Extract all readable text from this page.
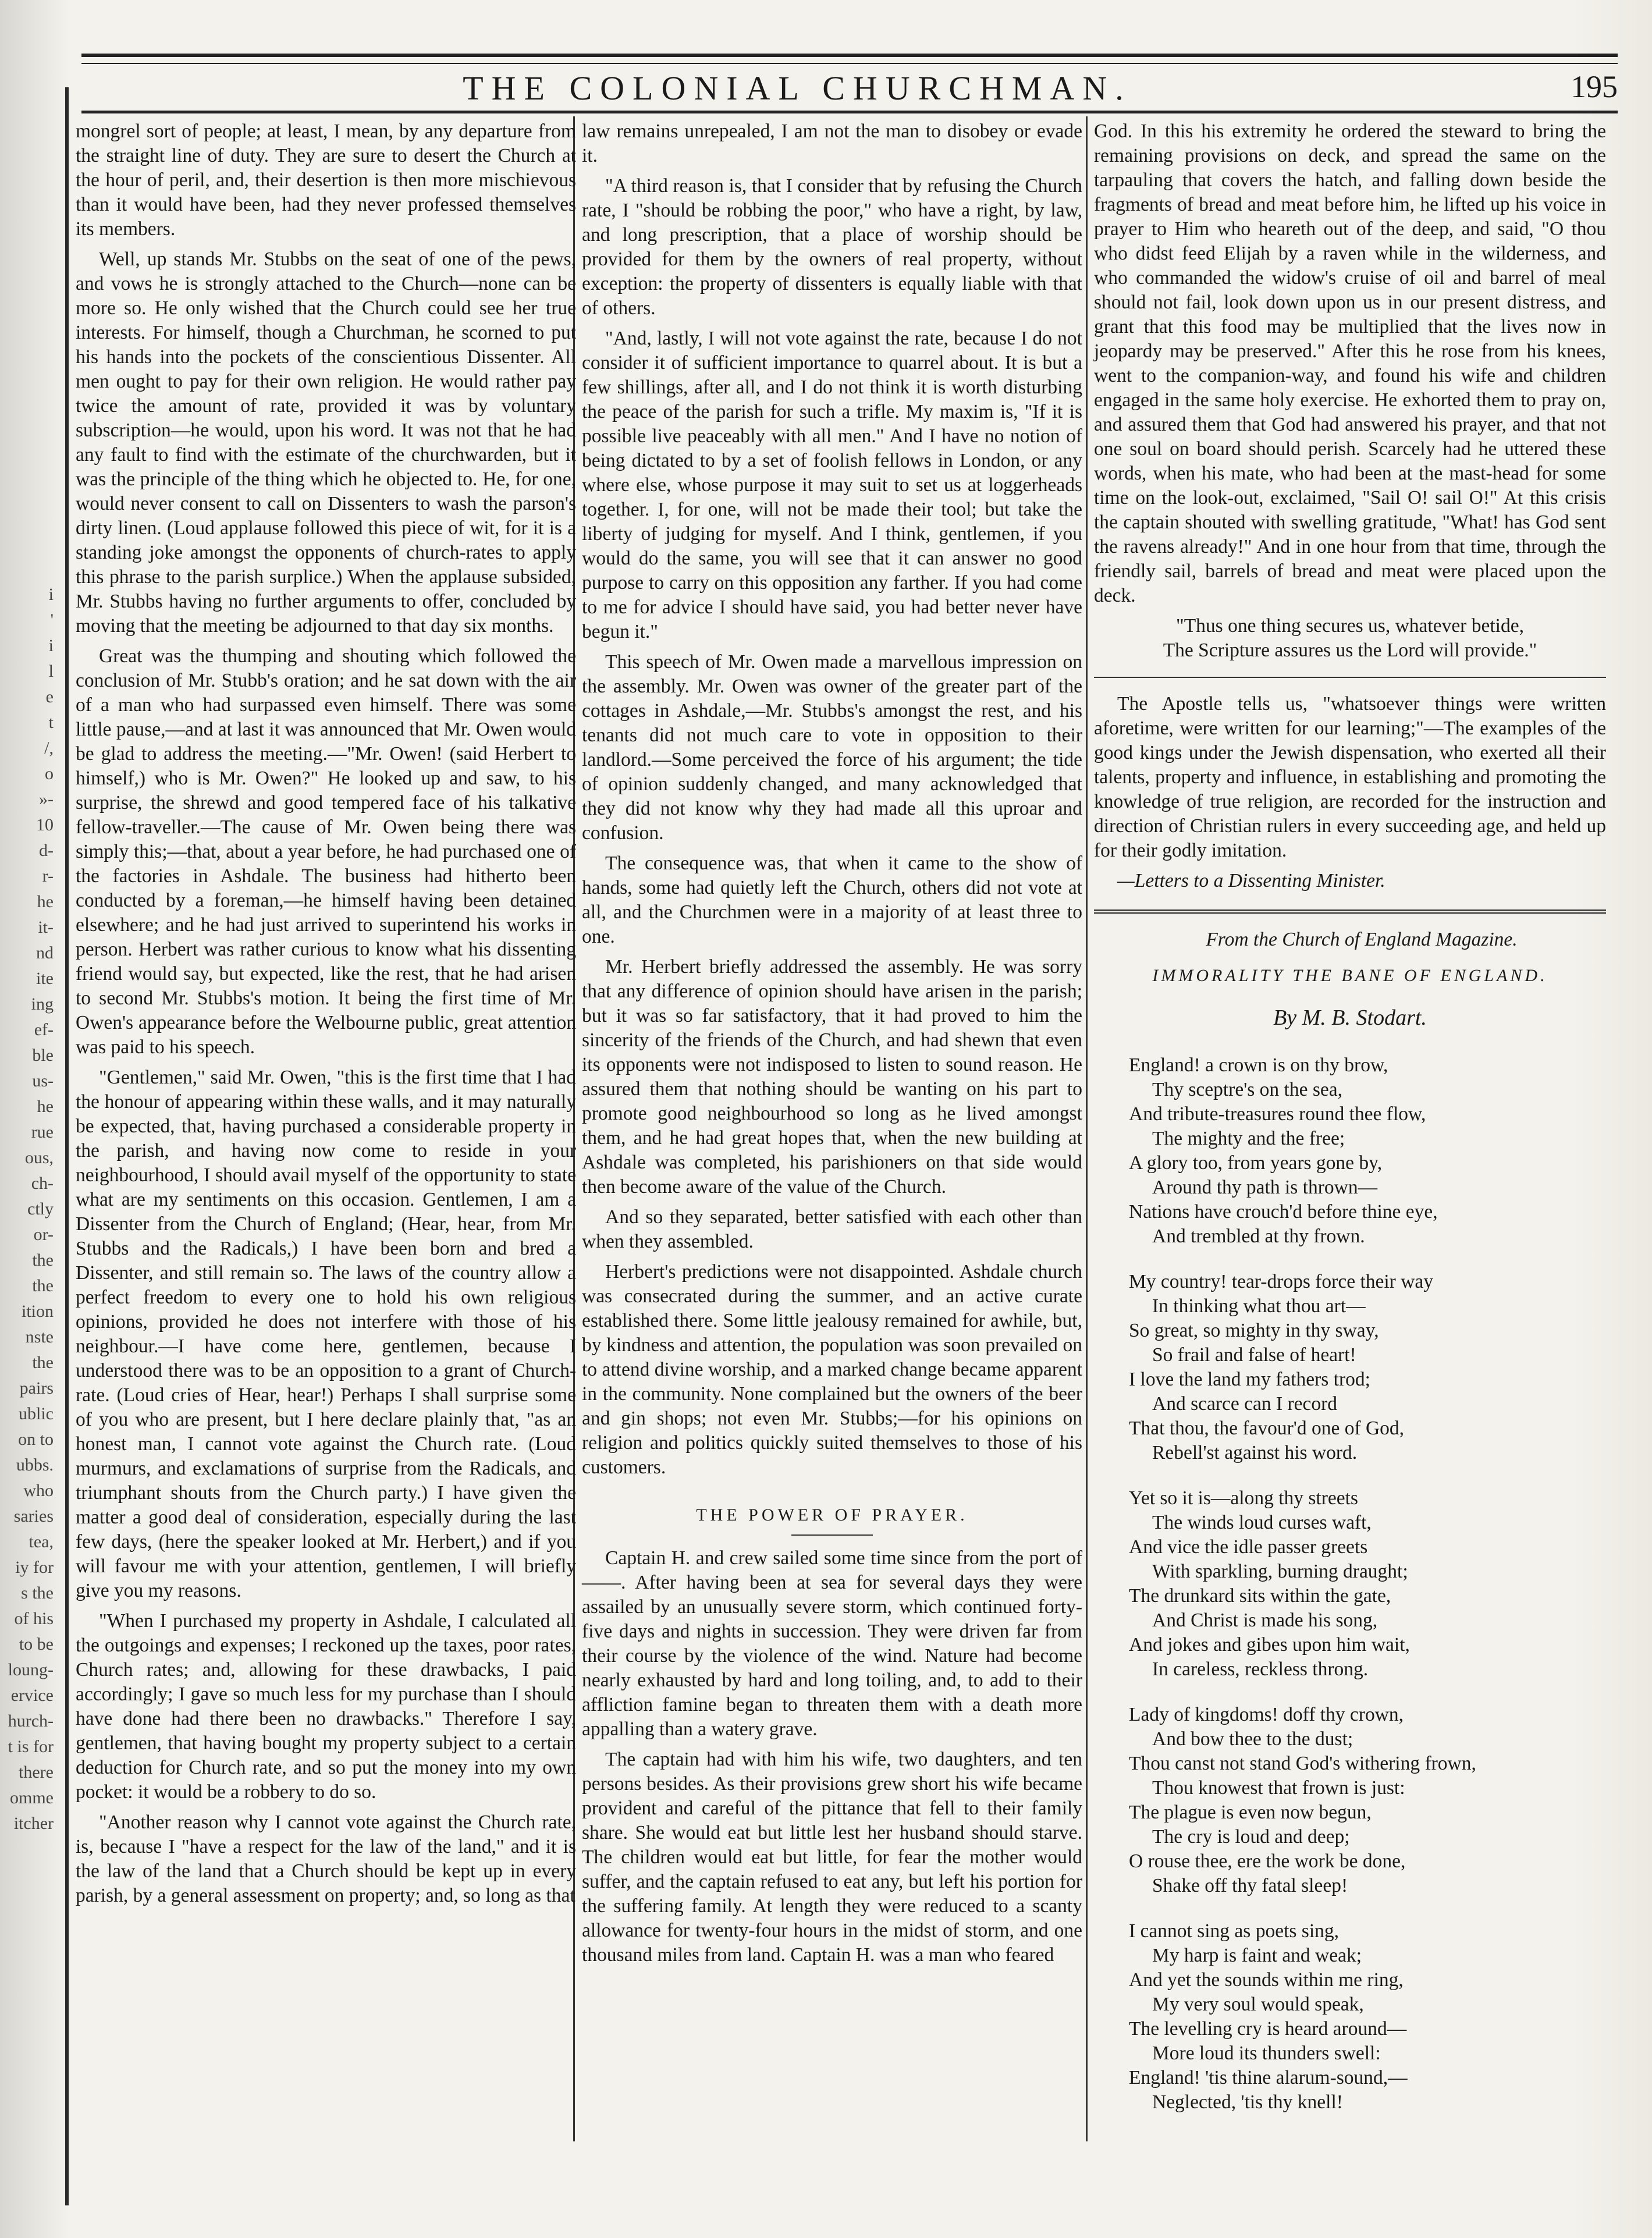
i
'
i
l
e
t
/,
o
»-
10
d-
r-
he
it-
nd
ite
ing
ef-
ble
us-
he
rue
ous,
ch-
ctly
or-
the
the
ition
nste
the
pairs
ublic
on to
ubbs.
who
saries
tea,
iy for
s the
of his
to be
loung-
ervice
hurch-
t is for
there
omme
itcher
THE COLONIAL CHURCHMAN.	195

mongrel sort of people; at least, I mean, by any departure from the straight line of duty. They are sure to desert the Church at the hour of peril, and, their desertion is then more mischievous than it would have been, had they never professed themselves its members.

Well, up stands Mr. Stubbs on the seat of one of the pews, and vows he is strongly attached to the Church—none can be more so. He only wished that the Church could see her true interests. For himself, though a Churchman, he scorned to put his hands into the pockets of the conscientious Dissenter. All men ought to pay for their own religion. He would rather pay twice the amount of rate, provided it was by voluntary subscription—he would, upon his word. It was not that he had any fault to find with the estimate of the churchwarden, but it was the principle of the thing which he objected to. He, for one, would never consent to call on Dissenters to wash the parson's dirty linen. (Loud applause followed this piece of wit, for it is a standing joke amongst the opponents of church-rates to apply this phrase to the parish surplice.) When the applause subsided, Mr. Stubbs having no further arguments to offer, concluded by moving that the meeting be adjourned to that day six months.

Great was the thumping and shouting which followed the conclusion of Mr. Stubb's oration; and he sat down with the air of a man who had surpassed even himself. There was some little pause,—and at last it was announced that Mr. Owen would be glad to address the meeting.—"Mr. Owen! (said Herbert to himself,) who is Mr. Owen?" He looked up and saw, to his surprise, the shrewd and good tempered face of his talkative fellow-traveller.—The cause of Mr. Owen being there was simply this;—that, about a year before, he had purchased one of the factories in Ashdale. The business had hitherto been conducted by a foreman,—he himself having been detained elsewhere; and he had just arrived to superintend his works in person. Herbert was rather curious to know what his dissenting friend would say, but expected, like the rest, that he had arisen to second Mr. Stubbs's motion. It being the first time of Mr. Owen's appearance before the Welbourne public, great attention was paid to his speech.

"Gentlemen," said Mr. Owen, "this is the first time that I had the honour of appearing within these walls, and it may naturally be expected, that, having purchased a considerable property in the parish, and having now come to reside in your neighbourhood, I should avail myself of the opportunity to state what are my sentiments on this occasion. Gentlemen, I am a Dissenter from the Church of England; (Hear, hear, from Mr. Stubbs and the Radicals,) I have been born and bred a Dissenter, and still remain so. The laws of the country allow a perfect freedom to every one to hold his own religious opinions, provided he does not interfere with those of his neighbour.—I have come here, gentlemen, because I understood there was to be an opposition to a grant of Church-rate. (Loud cries of Hear, hear!) Perhaps I shall surprise some of you who are present, but I here declare plainly that, "as an honest man, I cannot vote against the Church rate. (Loud murmurs, and exclamations of surprise from the Radicals, and triumphant shouts from the Church party.) I have given the matter a good deal of consideration, especially during the last few days, (here the speaker looked at Mr. Herbert,) and if you will favour me with your attention, gentlemen, I will briefly give you my reasons.

"When I purchased my property in Ashdale, I calculated all the outgoings and expenses; I reckoned up the taxes, poor rates, Church rates; and, allowing for these drawbacks, I paid accordingly; I gave so much less for my purchase than I should have done had there been no drawbacks." Therefore I say, gentlemen, that having bought my property subject to a certain deduction for Church rate, and so put the money into my own pocket: it would be a robbery to do so.

"Another reason why I cannot vote against the Church rate, is, because I "have a respect for the law of the land," and it is the law of the land that a Church should be kept up in every parish, by a general assessment on property; and, so long as that

law remains unrepealed, I am not the man to disobey or evade it.

"A third reason is, that I consider that by refusing the Church rate, I "should be robbing the poor," who have a right, by law, and long prescription, that a place of worship should be provided for them by the owners of real property, without exception: the property of dissenters is equally liable with that of others.

"And, lastly, I will not vote against the rate, because I do not consider it of sufficient importance to quarrel about. It is but a few shillings, after all, and I do not think it is worth disturbing the peace of the parish for such a trifle. My maxim is, "If it is possible live peaceably with all men." And I have no notion of being dictated to by a set of foolish fellows in London, or any where else, whose purpose it may suit to set us at loggerheads together. I, for one, will not be made their tool; but take the liberty of judging for myself. And I think, gentlemen, if you would do the same, you will see that it can answer no good purpose to carry on this opposition any farther. If you had come to me for advice I should have said, you had better never have begun it."

This speech of Mr. Owen made a marvellous impression on the assembly. Mr. Owen was owner of the greater part of the cottages in Ashdale,—Mr. Stubbs's amongst the rest, and his tenants did not much care to vote in opposition to their landlord.—Some perceived the force of his argument; the tide of opinion suddenly changed, and many acknowledged that they did not know why they had made all this uproar and confusion.

The consequence was, that when it came to the show of hands, some had quietly left the Church, others did not vote at all, and the Churchmen were in a majority of at least three to one.

Mr. Herbert briefly addressed the assembly. He was sorry that any difference of opinion should have arisen in the parish; but it was so far satisfactory, that it had proved to him the sincerity of the friends of the Church, and had shewn that even its opponents were not indisposed to listen to sound reason. He assured them that nothing should be wanting on his part to promote good neighbourhood so long as he lived amongst them, and he had great hopes that, when the new building at Ashdale was completed, his parishioners on that side would then become aware of the value of the Church.

And so they separated, better satisfied with each other than when they assembled.

Herbert's predictions were not disappointed. Ashdale church was consecrated during the summer, and an active curate established there. Some little jealousy remained for awhile, but, by kindness and attention, the population was soon prevailed on to attend divine worship, and a marked change became apparent in the community. None complained but the owners of the beer and gin shops; not even Mr. Stubbs;—for his opinions on religion and politics quickly suited themselves to those of his customers.

THE POWER OF PRAYER.

Captain H. and crew sailed some time since from the port of——. After having been at sea for several days they were assailed by an unusually severe storm, which continued forty-five days and nights in succession. They were driven far from their course by the violence of the wind. Nature had become nearly exhausted by hard and long toiling, and, to add to their affliction famine began to threaten them with a death more appalling than a watery grave.

The captain had with him his wife, two daughters, and ten persons besides. As their provisions grew short his wife became provident and careful of the pittance that fell to their family share. She would eat but little lest her husband should starve. The children would eat but little, for fear the mother would suffer, and the captain refused to eat any, but left his portion for the suffering family. At length they were reduced to a scanty allowance for twenty-four hours in the midst of storm, and one thousand miles from land. Captain H. was a man who feared

God. In this his extremity he ordered the steward to bring the remaining provisions on deck, and spread the same on the tarpauling that covers the hatch, and falling down beside the fragments of bread and meat before him, he lifted up his voice in prayer to Him who heareth out of the deep, and said, "O thou who didst feed Elijah by a raven while in the wilderness, and who commanded the widow's cruise of oil and barrel of meal should not fail, look down upon us in our present distress, and grant that this food may be multiplied that the lives now in jeopardy may be preserved." After this he rose from his knees, went to the companion-way, and found his wife and children engaged in the same holy exercise. He exhorted them to pray on, and assured them that God had answered his prayer, and that not one soul on board should perish. Scarcely had he uttered these words, when his mate, who had been at the mast-head for some time on the look-out, exclaimed, "Sail O! sail O!" At this crisis the captain shouted with swelling gratitude, "What! has God sent the ravens already!" And in one hour from that time, through the friendly sail, barrels of bread and meat were placed upon the deck.

"Thus one thing secures us, whatever betide,
The Scripture assures us the Lord will provide."

The Apostle tells us, "whatsoever things were written aforetime, were written for our learning;"—The examples of the good kings under the Jewish dispensation, who exerted all their talents, property and influence, in establishing and promoting the knowledge of true religion, are recorded for the instruction and direction of Christian rulers in every succeeding age, and held up for their godly imitation.

—Letters to a Dissenting Minister.

From the Church of England Magazine.

IMMORALITY THE BANE OF ENGLAND.
By M. B. Stodart.
England! a crown is on thy brow,
Thy sceptre's on the sea,
And tribute-treasures round thee flow,
The mighty and the free;
A glory too, from years gone by,
Around thy path is thrown—
Nations have crouch'd before thine eye,
And trembled at thy frown.
My country! tear-drops force their way
In thinking what thou art—
So great, so mighty in thy sway,
So frail and false of heart!
I love the land my fathers trod;
And scarce can I record
That thou, the favour'd one of God,
Rebell'st against his word.
Yet so it is—along thy streets
The winds loud curses waft,
And vice the idle passer greets
With sparkling, burning draught;
The drunkard sits within the gate,
And Christ is made his song,
And jokes and gibes upon him wait,
In careless, reckless throng.
Lady of kingdoms! doff thy crown,
And bow thee to the dust;
Thou canst not stand God's withering frown,
Thou knowest that frown is just:
The plague is even now begun,
The cry is loud and deep;
O rouse thee, ere the work be done,
Shake off thy fatal sleep!
I cannot sing as poets sing,
My harp is faint and weak;
And yet the sounds within me ring,
My very soul would speak,
The levelling cry is heard around—
More loud its thunders swell:
England! 'tis thine alarum-sound,—
Neglected, 'tis thy knell!
